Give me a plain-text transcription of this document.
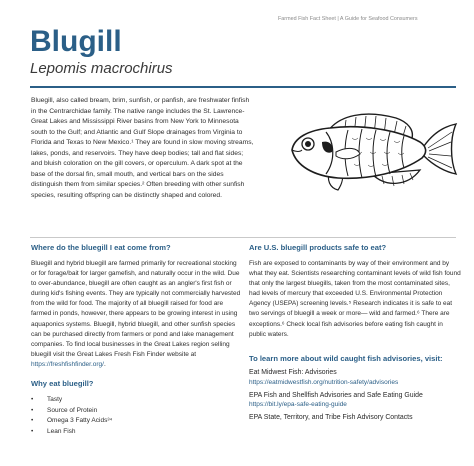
Farmed Fish Fact Sheet | A Guide for Seafood Consumers
Blugill
Lepomis macrochirus

Bluegill, also called bream, brim, sunfish, or panfish, are freshwater finfish in the Centrarchidae family. The native range includes the St. Lawrence-Great Lakes and Mississippi River basins from New York to Minnesota south to the Gulf; and Atlantic and Gulf Slope drainages from Virginia to Florida and Texas to New Mexico.¹ They are found in slow moving streams, lakes, ponds, and reservoirs. They have deep bodies; tall and flat sides; and bluish coloration on the gill covers, or operculum. A dark spot at the base of the dorsal fin, small mouth, and vertical bars on the sides distinguish them from similar species.² Often breeding with other sunfish species, resulting offspring can be distinctly shaped and colored.

Where do the bluegill I eat come from?

Bluegill and hybrid bluegill are farmed primarily for recreational stocking or for forage/bait for larger gamefish, and naturally occur in the wild. Due to over-abundance, bluegill are often caught as an angler's first fish or during kid's fishing events. They are typically not commercially harvested from the wild for food. The majority of all bluegill raised for food are farmed in ponds, however, there appears to be growing interest in using aquaponics systems. Bluegill, hybrid bluegill, and other sunfish species can be purchased directly from farmers or pond and lake management companies. To find local businesses in the Great Lakes region selling bluegill visit the Great Lakes Fresh Fish Finder website at https://freshfishfinder.org/.

Why eat bluegill?
• Tasty
• Source of Protein
• Omega 3 Fatty Acids³⁴
• Lean Fish
Are U.S. bluegill products safe to eat?

Fish are exposed to contaminants by way of their environment and by what they eat. Scientists researching contaminant levels of wild fish found that only the largest bluegills, taken from the most contaminated sites, had levels of mercury that exceeded U.S. Environmental Protection Agency (USEPA) screening levels.⁵ Research indicates it is safe to eat two servings of bluegill a week or more— wild and farmed.⁶ There are exceptions.⁶ Check local fish advisories before eating fish caught in public waters.

To learn more about wild caught fish advisories, visit:
Eat Midwest Fish: Advisories
https://eatmidwestfish.org/nutrition-safety/advisories
EPA Fish and Shellfish Advisories and Safe Eating Guide
https://bit.ly/epa-safe-eating-guide
EPA State, Territory, and Tribe Fish Advisory Contacts
